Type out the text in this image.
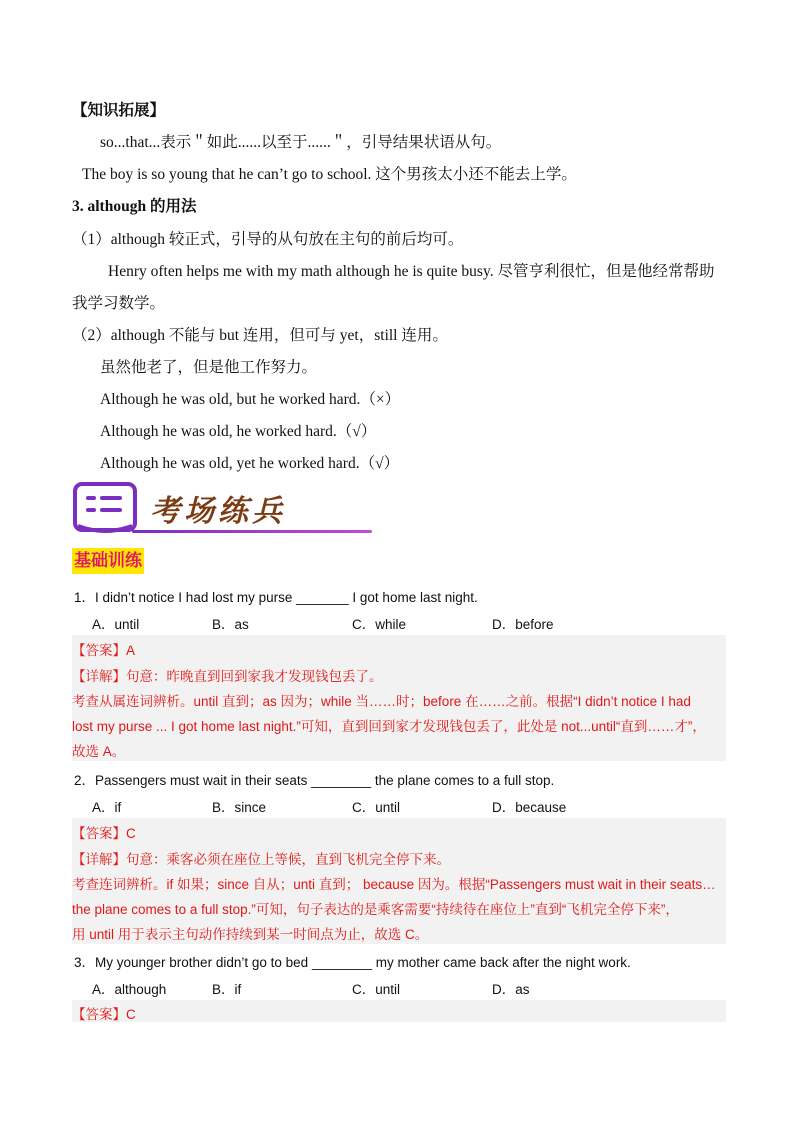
【知识拓展】
so...that...表示＂如此......以至于......＂，引导结果状语从句。
The boy is so young that he can’t go to school. 这个男孩太小还不能去上学。
3. although 的用法
（1）although 较正式，引导的从句放在主句的前后均可。
Henry often helps me with my math although he is quite busy. 尽管亨利很忙，但是他经常帮助
我学习数学。
（2）although 不能与 but 连用，但可与 yet，still 连用。
虽然他老了，但是他工作努力。
Although he was old, but he worked hard.（×）
Although he was old, he worked hard.（√）
Although he was old, yet he worked hard.（√）
考场练兵
基础训练
1．I didn’t notice I had lost my purse _______ I got home last night.
A．until	B．as	C．while	D．before
【答案】A
【详解】句意：昨晚直到回到家我才发现钱包丢了。
考查从属连词辨析。until 直到；as 因为；while 当……时；before 在……之前。根据“I didn’t notice I had
lost my purse ... I got home last night.”可知，直到回到家才发现钱包丢了，此处是 not...until“直到……才”，
故选 A。
2．Passengers must wait in their seats ________ the plane comes to a full stop.
A．if	B．since	C．until	D．because
【答案】C
【详解】句意：乘客必须在座位上等候，直到飞机完全停下来。
考查连词辨析。if 如果；since 自从；unti 直到； because 因为。根据“Passengers must wait in their seats…
the plane comes to a full stop.”可知，句子表达的是乘客需要“持续待在座位上”直到“飞机完全停下来”，
用 until 用于表示主句动作持续到某一时间点为止，故选 C。
3．My younger brother didn’t go to bed ________ my mother came back after the night work.
A．although	B．if	C．until	D．as
【答案】C
